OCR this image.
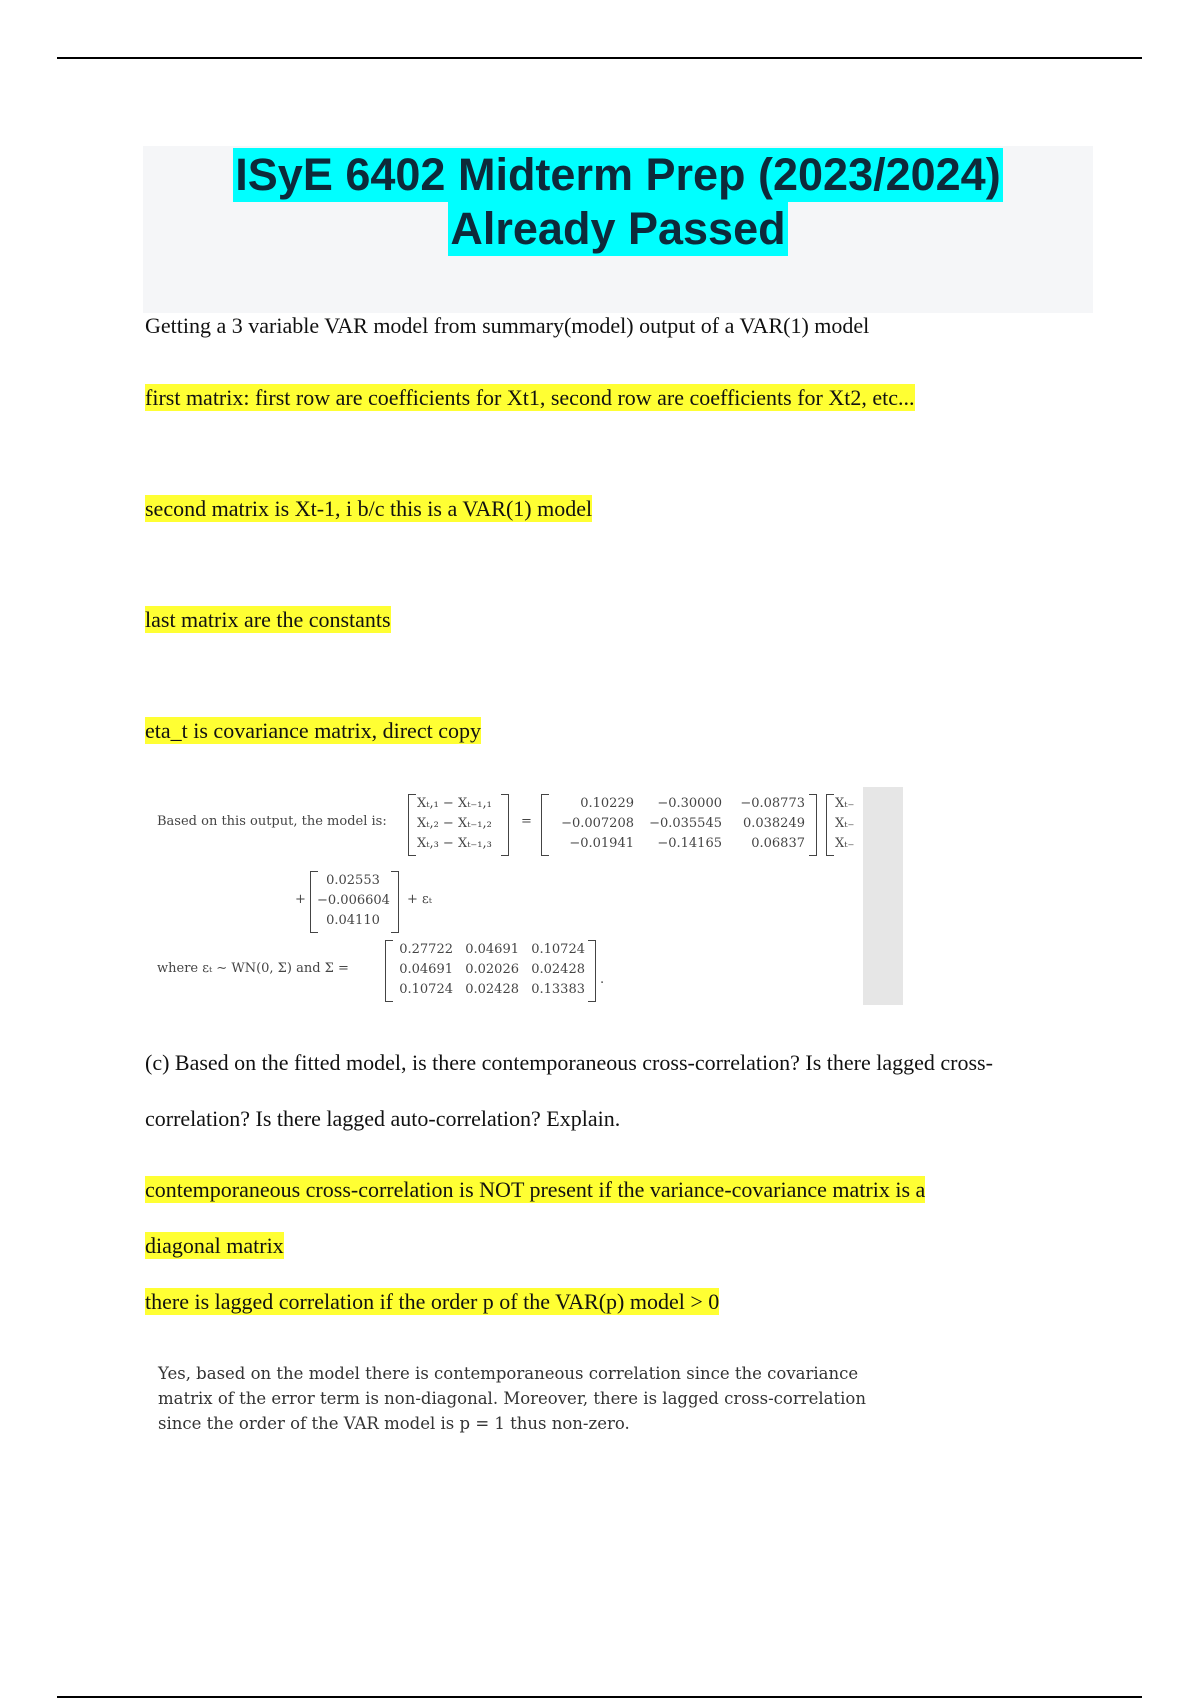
ISyE 6402 Midterm Prep (2023/2024)
Already Passed
Getting a 3 variable VAR model from summary(model) output of a VAR(1) model
first matrix: first row are coefficients for Xt1, second row are coefficients for Xt2, etc...
second matrix is Xt-1, i b/c this is a VAR(1) model
last matrix are the constants
eta_t is covariance matrix, direct copy
Based on this output, the model is:
Xₜ,₁ − Xₜ₋₁,₁
Xₜ,₂ − Xₜ₋₁,₂
Xₜ,₃ − Xₜ₋₁,₃
=
0.10229
−0.007208
−0.01941
−0.30000
−0.035545
−0.14165
−0.08773
0.038249
0.06837
Xₜ₋
Xₜ₋
Xₜ₋
+
0.02553
−0.006604
0.04110
+ εₜ
where εₜ ∼ WN(0, Σ) and Σ =
0.27722
0.04691
0.10724
0.04691
0.02026
0.02428
0.10724
0.02428
0.13383
.
(c) Based on the fitted model, is there contemporaneous cross-correlation? Is there lagged cross-
correlation? Is there lagged auto-correlation? Explain.
contemporaneous cross-correlation is NOT present if the variance-covariance matrix is a
diagonal matrix
there is lagged correlation if the order p of the VAR(p) model > 0
Yes, based on the model there is contemporaneous correlation since the covariance matrix of the error term is non-diagonal. Moreover, there is lagged cross-correlation since the order of the VAR model is p = 1 thus non-zero.
